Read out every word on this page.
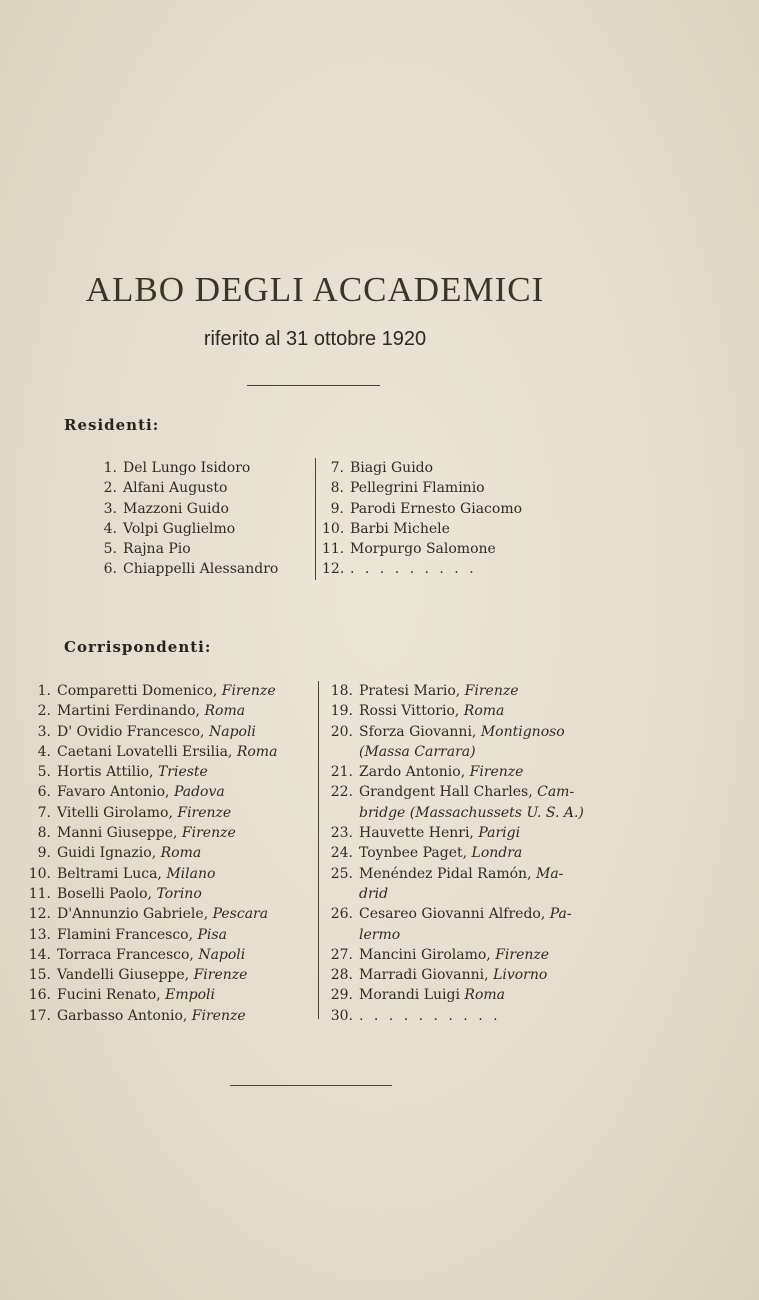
ALBO DEGLI ACCADEMICI
riferito al 31 ottobre 1920
Residenti:
1. Del Lungo Isidoro
2. Alfani Augusto
3. Mazzoni Guido
4. Volpi Guglielmo
5. Rajna Pio
6. Chiappelli Alessandro
7. Biagi Guido
8. Pellegrini Flaminio
9. Parodi Ernesto Giacomo
10. Barbi Michele
11. Morpurgo Salomone
12. . . . . . . . . .
Corrispondenti:
1. Comparetti Domenico, Firenze
2. Martini Ferdinando, Roma
3. D' Ovidio Francesco, Napoli
4. Caetani Lovatelli Ersilia, Roma
5. Hortis Attilio, Trieste
6. Favaro Antonio, Padova
7. Vitelli Girolamo, Firenze
8. Manni Giuseppe, Firenze
9. Guidi Ignazio, Roma
10. Beltrami Luca, Milano
11. Boselli Paolo, Torino
12. D'Annunzio Gabriele, Pescara
13. Flamini Francesco, Pisa
14. Torraca Francesco, Napoli
15. Vandelli Giuseppe, Firenze
16. Fucini Renato, Empoli
17. Garbasso Antonio, Firenze
18. Pratesi Mario, Firenze
19. Rossi Vittorio, Roma
20. Sforza Giovanni, Montignoso
(Massa Carrara)
21. Zardo Antonio, Firenze
22. Grandgent Hall Charles, Cam-
bridge (Massachussets U. S. A.)
23. Hauvette Henri, Parigi
24. Toynbee Paget, Londra
25. Menéndez Pidal Ramón, Ma-
drid
26. Cesareo Giovanni Alfredo, Pa-
lermo
27. Mancini Girolamo, Firenze
28. Marradi Giovanni, Livorno
29. Morandi Luigi Roma
30. . . . . . . . . . .
